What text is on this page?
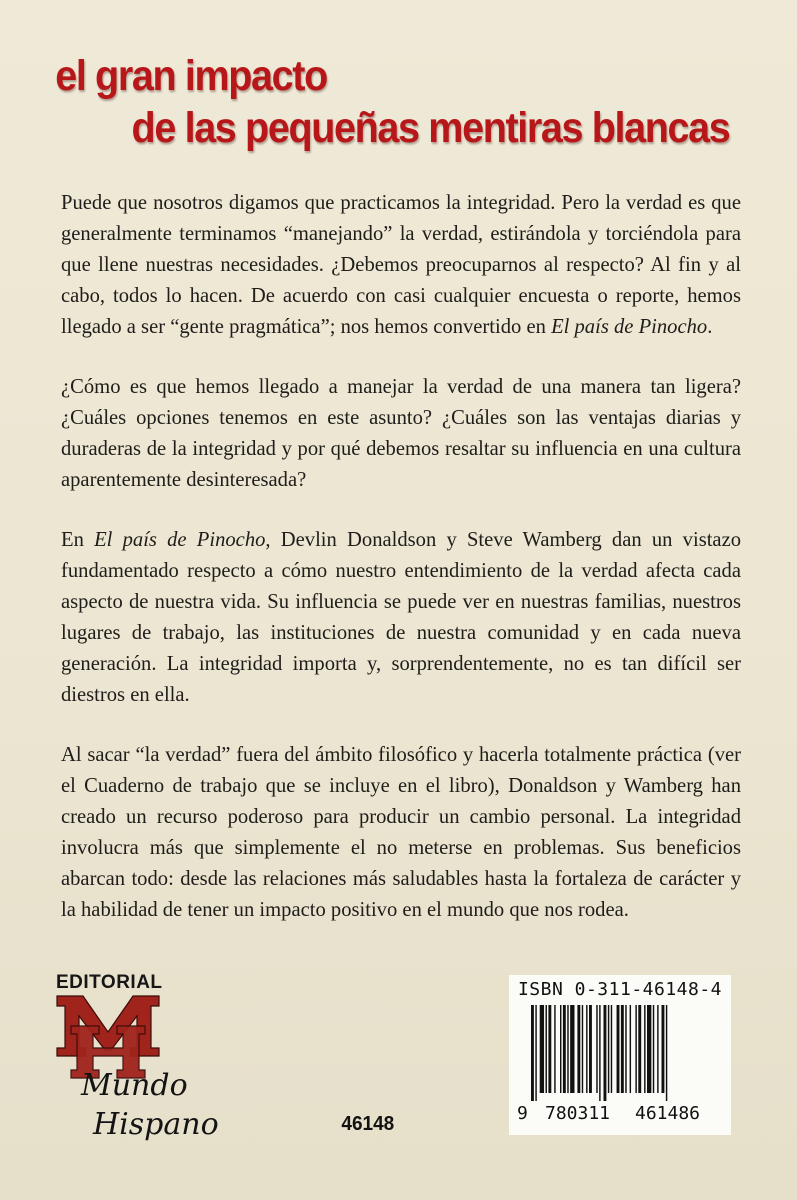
el gran impacto
de las pequeñas mentiras blancas

Puede que nosotros digamos que practicamos la integridad. Pero la verdad es que generalmente terminamos “manejando” la verdad, estirándola y torciéndola para que llene nuestras necesidades. ¿Debemos preocuparnos al respecto? Al fin y al cabo, todos lo hacen. De acuerdo con casi cualquier encuesta o reporte, hemos llegado a ser “gente pragmática”; nos hemos convertido en El país de Pinocho.

¿Cómo es que hemos llegado a manejar la verdad de una manera tan ligera? ¿Cuáles opciones tenemos en este asunto? ¿Cuáles son las ventajas diarias y duraderas de la integridad y por qué debemos resaltar su influencia en una cultura aparentemente desinteresada?

En El país de Pinocho, Devlin Donaldson y Steve Wamberg dan un vistazo fundamentado respecto a cómo nuestro entendimiento de la verdad afecta cada aspecto de nuestra vida. Su influencia se puede ver en nuestras familias, nuestros lugares de trabajo, las instituciones de nuestra comunidad y en cada nueva generación. La integridad importa y, sorprendentemente, no es tan difícil ser diestros en ella.

Al sacar “la verdad” fuera del ámbito filosófico y hacerla totalmente práctica (ver el Cuaderno de trabajo que se incluye en el libro), Donaldson y Wamberg han creado un recurso poderoso para producir un cambio personal. La integridad involucra más que simplemente el no meterse en problemas. Sus beneficios abarcan todo: desde las relaciones más saludables hasta la fortaleza de carácter y la habilidad de tener un impacto positivo en el mundo que nos rodea.

EDITORIAL
Mundo
Hispano	46148
ISBN 0-311-46148-4
9 780311 461486
